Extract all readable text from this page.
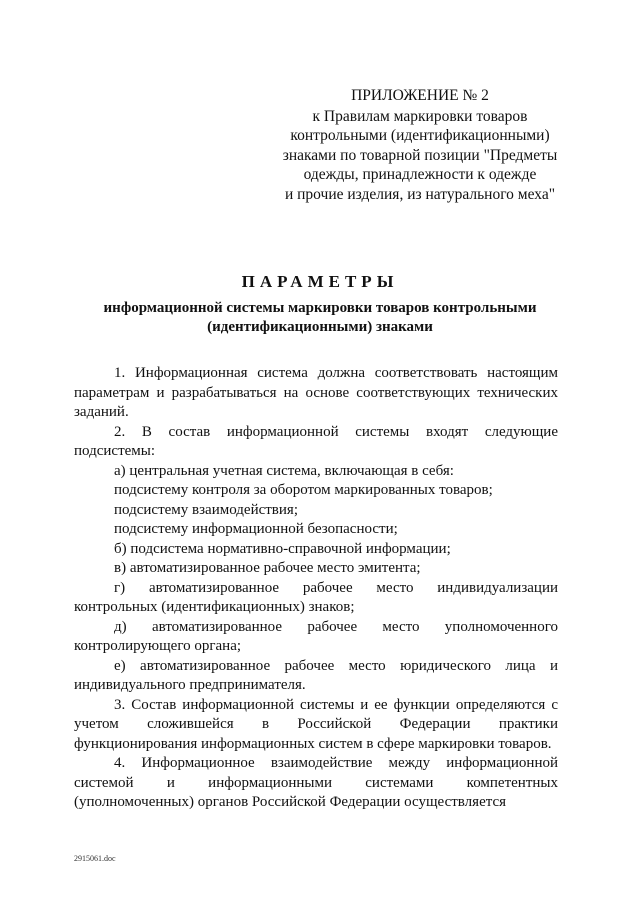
ПРИЛОЖЕНИЕ № 2
к Правилам маркировки товаров
контрольными (идентификационными)
знаками по товарной позиции "Предметы
одежды, принадлежности к одежде
и прочие изделия, из натурального меха"
ПАРАМЕТРЫ
информационной системы маркировки товаров контрольными
(идентификационными) знаками

1. Информационная система должна соответствовать настоящим параметрам и разрабатываться на основе соответствующих технических заданий.

2. В состав информационной системы входят следующие подсистемы:

а) центральная учетная система, включающая в себя:

подсистему контроля за оборотом маркированных товаров;

подсистему взаимодействия;

подсистему информационной безопасности;

б) подсистема нормативно-справочной информации;

в) автоматизированное рабочее место эмитента;

г) автоматизированное рабочее место индивидуализации контрольных (идентификационных) знаков;

д) автоматизированное рабочее место уполномоченного контролирующего органа;

е) автоматизированное рабочее место юридического лица и индивидуального предпринимателя.

3. Состав информационной системы и ее функции определяются с учетом сложившейся в Российской Федерации практики функционирования информационных систем в сфере маркировки товаров.

4. Информационное взаимодействие между информационной системой и информационными системами компетентных (уполномоченных) органов Российской Федерации осуществляется

2915061.doc
